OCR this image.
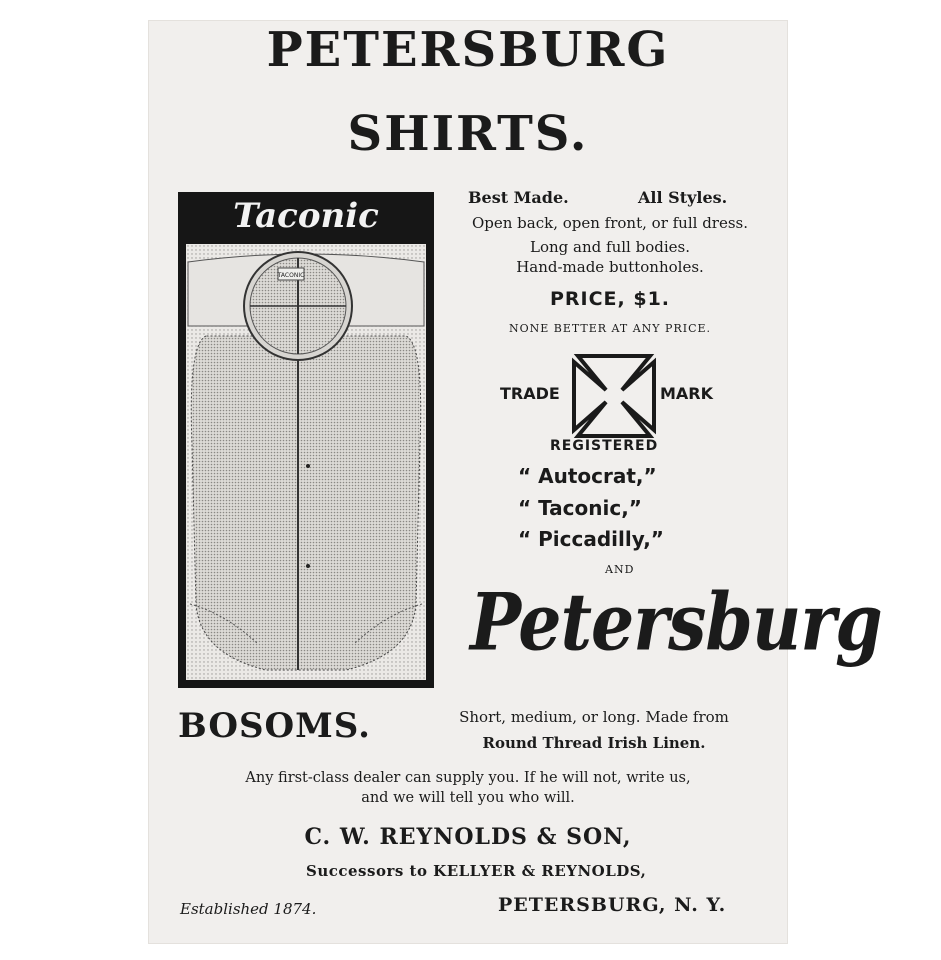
PETERSBURG
SHIRTS.
Taconic
TACONIC
Best Made.	All Styles.

Open back, open front, or full dress.

Long and full bodies.

Hand-made buttonholes.

PRICE, $1.

NONE BETTER AT ANY PRICE.

TRADE	MARK

REGISTERED

“ Autocrat,”

“ Taconic,”

“ Piccadilly,”

AND

Petersburg

BOSOMS.	Short, medium, or long. Made from

Round Thread Irish Linen.

Any first-class dealer can supply you. If he will not, write us,

and we will tell you who will.

C. W. REYNOLDS & SON,

Successors to KELLYER & REYNOLDS,

Established 1874.	PETERSBURG, N. Y.
